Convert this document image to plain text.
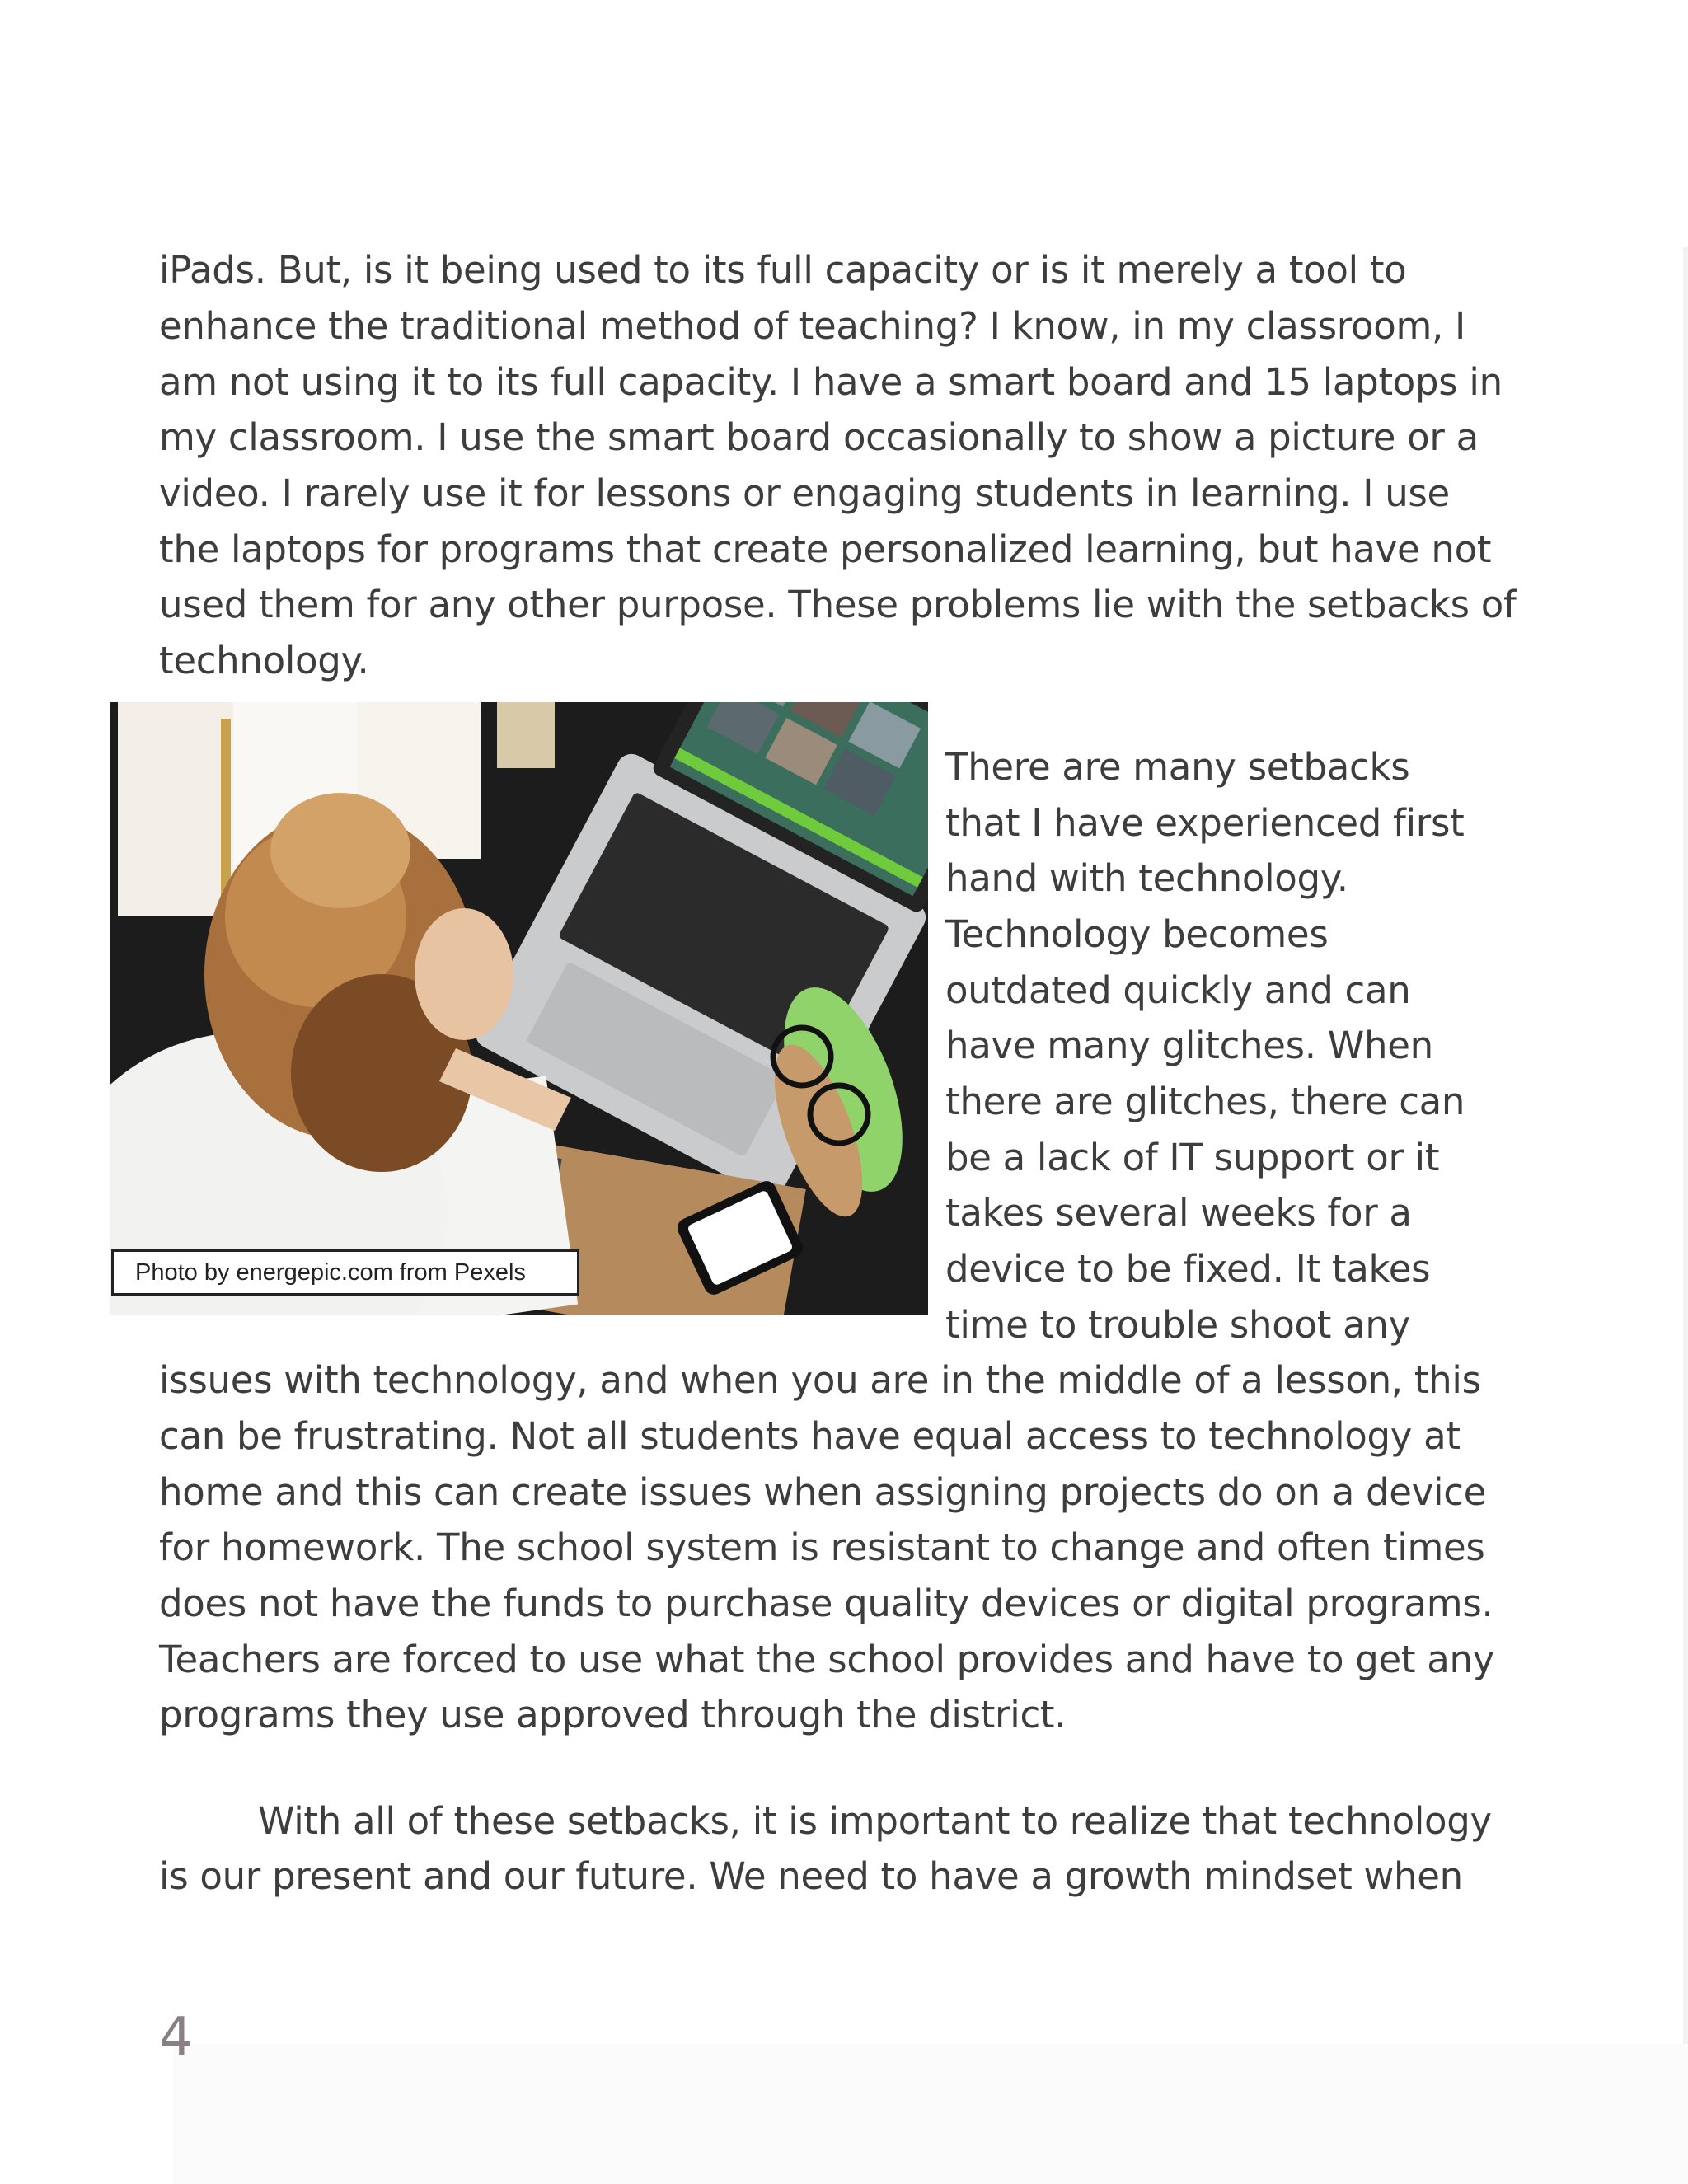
iPads. But, is it being used to its full capacity or is it merely a tool to
enhance the traditional method of teaching? I know, in my classroom, I
am not using it to its full capacity. I have a smart board and 15 laptops in
my classroom. I use the smart board occasionally to show a picture or a
video. I rarely use it for lessons or engaging students in learning. I use
the laptops for programs that create personalized learning, but have not
used them for any other purpose. These problems lie with the setbacks of
technology.
Photo by energepic.com from Pexels
There are many setbacks
that I have experienced first
hand with technology.
Technology becomes
outdated quickly and can
have many glitches. When
there are glitches, there can
be a lack of IT support or it
takes several weeks for a
device to be fixed. It takes
time to trouble shoot any
issues with technology, and when you are in the middle of a lesson, this
can be frustrating. Not all students have equal access to technology at
home and this can create issues when assigning projects do on a device
for homework. The school system is resistant to change and often times
does not have the funds to purchase quality devices or digital programs.
Teachers are forced to use what the school provides and have to get any
programs they use approved through the district.
With all of these setbacks, it is important to realize that technology
is our present and our future. We need to have a growth mindset when
4
